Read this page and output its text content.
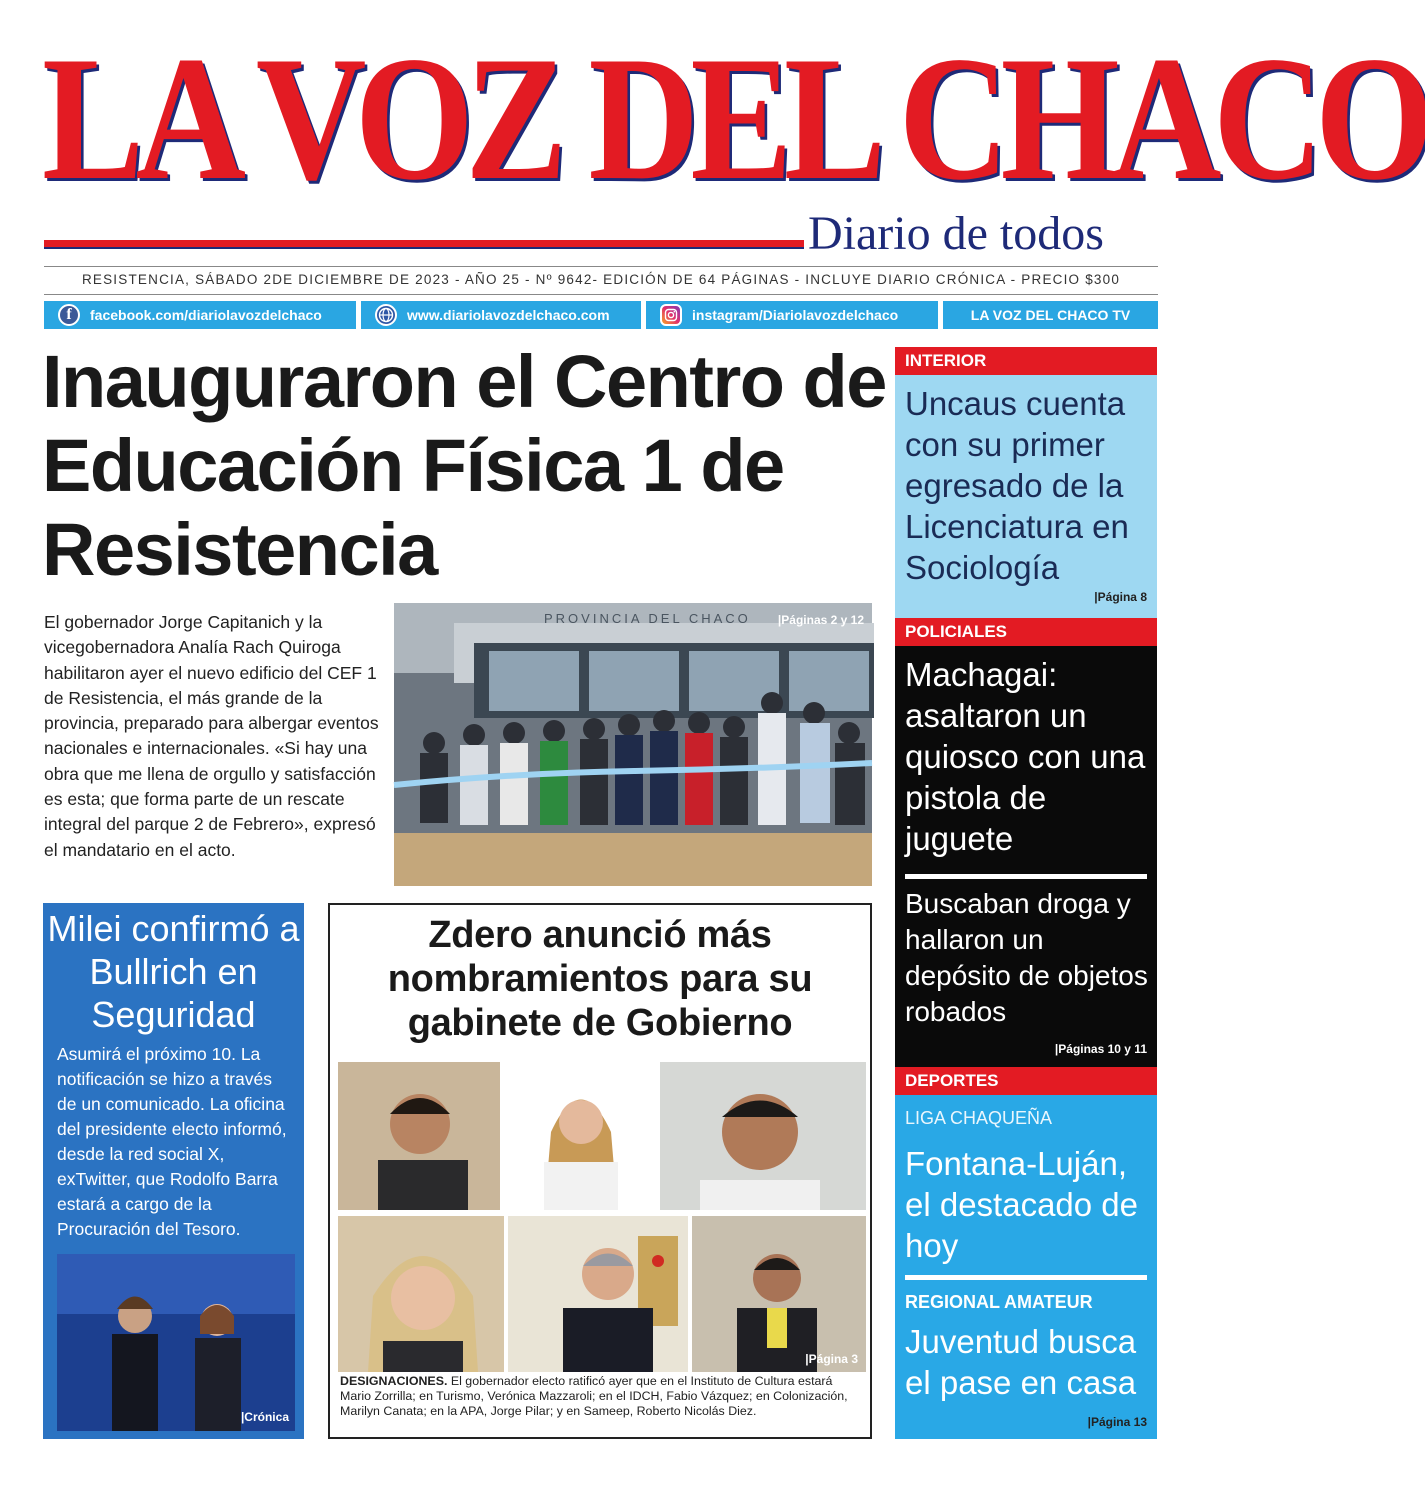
LA VOZ DEL CHACO
Diario de todos
RESISTENCIA, SÁBADO 2DE DICIEMBRE DE 2023 - AÑO 25 - Nº 9642- EDICIÓN DE 64 PÁGINAS - INCLUYE DIARIO CRÓNICA - PRECIO $300
f	facebook.com/diariolavozdelchaco	www.diariolavozdelchaco.com	instagram/Diariolavozdelchaco	LA VOZ DEL CHACO TV
Inauguraron el Centro de Educación Física 1 de Resistencia
El gobernador Jorge Capitanich y la vicegobernadora Analía Rach Quiroga habilitaron ayer el nuevo edificio del CEF 1 de Resistencia, el más grande de la provincia, preparado para albergar eventos nacionales e internacionales. «Si hay una obra que me llena de orgullo y satisfacción es esta; que forma parte de un rescate integral del parque 2 de Febrero», expresó el mandatario en el acto.
PROVINCIA DEL CHACO |Páginas 2 y 12
INTERIOR
Uncaus cuenta con su primer egresado de la Licenciatura en Sociología
|Página 8
POLICIALES
Machagai: asaltaron un quiosco con una pistola de juguete
Buscaban droga y hallaron un depósito de objetos robados
|Páginas 10 y 11
DEPORTES
LIGA CHAQUEÑA
Fontana-Luján, el destacado de hoy
REGIONAL AMATEUR
Juventud busca el pase en casa
|Página 13
Milei confirmó a Bullrich en Seguridad
Asumirá el próximo 10. La notificación se hizo a través de un comunicado. La oficina del presidente electo informó, desde la red social X, exTwitter, que Rodolfo Barra estará a cargo de la Procuración del Tesoro.
|Crónica
Zdero anunció más nombramientos para su gabinete de Gobierno
|Página 3
DESIGNACIONES. El gobernador electo ratificó ayer que en el Instituto de Cultura estará Mario Zorrilla; en Turismo, Verónica Mazzaroli; en el IDCH, Fabio Vázquez; en Colonización, Marilyn Canata; en la APA, Jorge Pilar; y en Sameep, Roberto Nicolás Diez.
